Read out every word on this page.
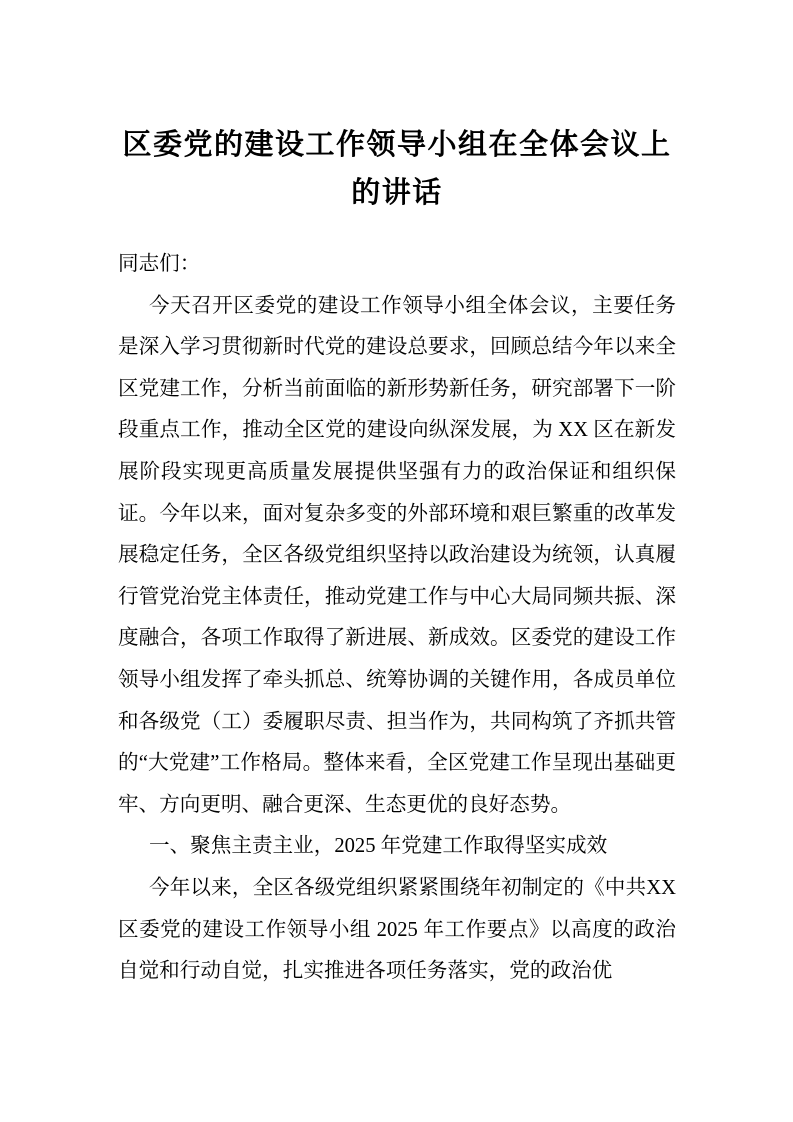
区委党的建设工作领导小组在全体会议上
的讲话

同志们：

今天召开区委党的建设工作领导小组全体会议，主要任务是深入学习贯彻新时代党的建设总要求，回顾总结今年以来全区党建工作，分析当前面临的新形势新任务，研究部署下一阶段重点工作，推动全区党的建设向纵深发展，为 XX 区在新发展阶段实现更高质量发展提供坚强有力的政治保证和组织保证。今年以来，面对复杂多变的外部环境和艰巨繁重的改革发展稳定任务，全区各级党组织坚持以政治建设为统领，认真履行管党治党主体责任，推动党建工作与中心大局同频共振、深度融合，各项工作取得了新进展、新成效。区委党的建设工作领导小组发挥了牵头抓总、统筹协调的关键作用，各成员单位和各级党（工）委履职尽责、担当作为，共同构筑了齐抓共管的“大党建”工作格局。整体来看，全区党建工作呈现出基础更牢、方向更明、融合更深、生态更优的良好态势。

一、聚焦主责主业，2025 年党建工作取得坚实成效

今年以来，全区各级党组织紧紧围绕年初制定的《中共XX 区委党的建设工作领导小组 2025 年工作要点》以高度的政治自觉和行动自觉，扎实推进各项任务落实，党的政治优
